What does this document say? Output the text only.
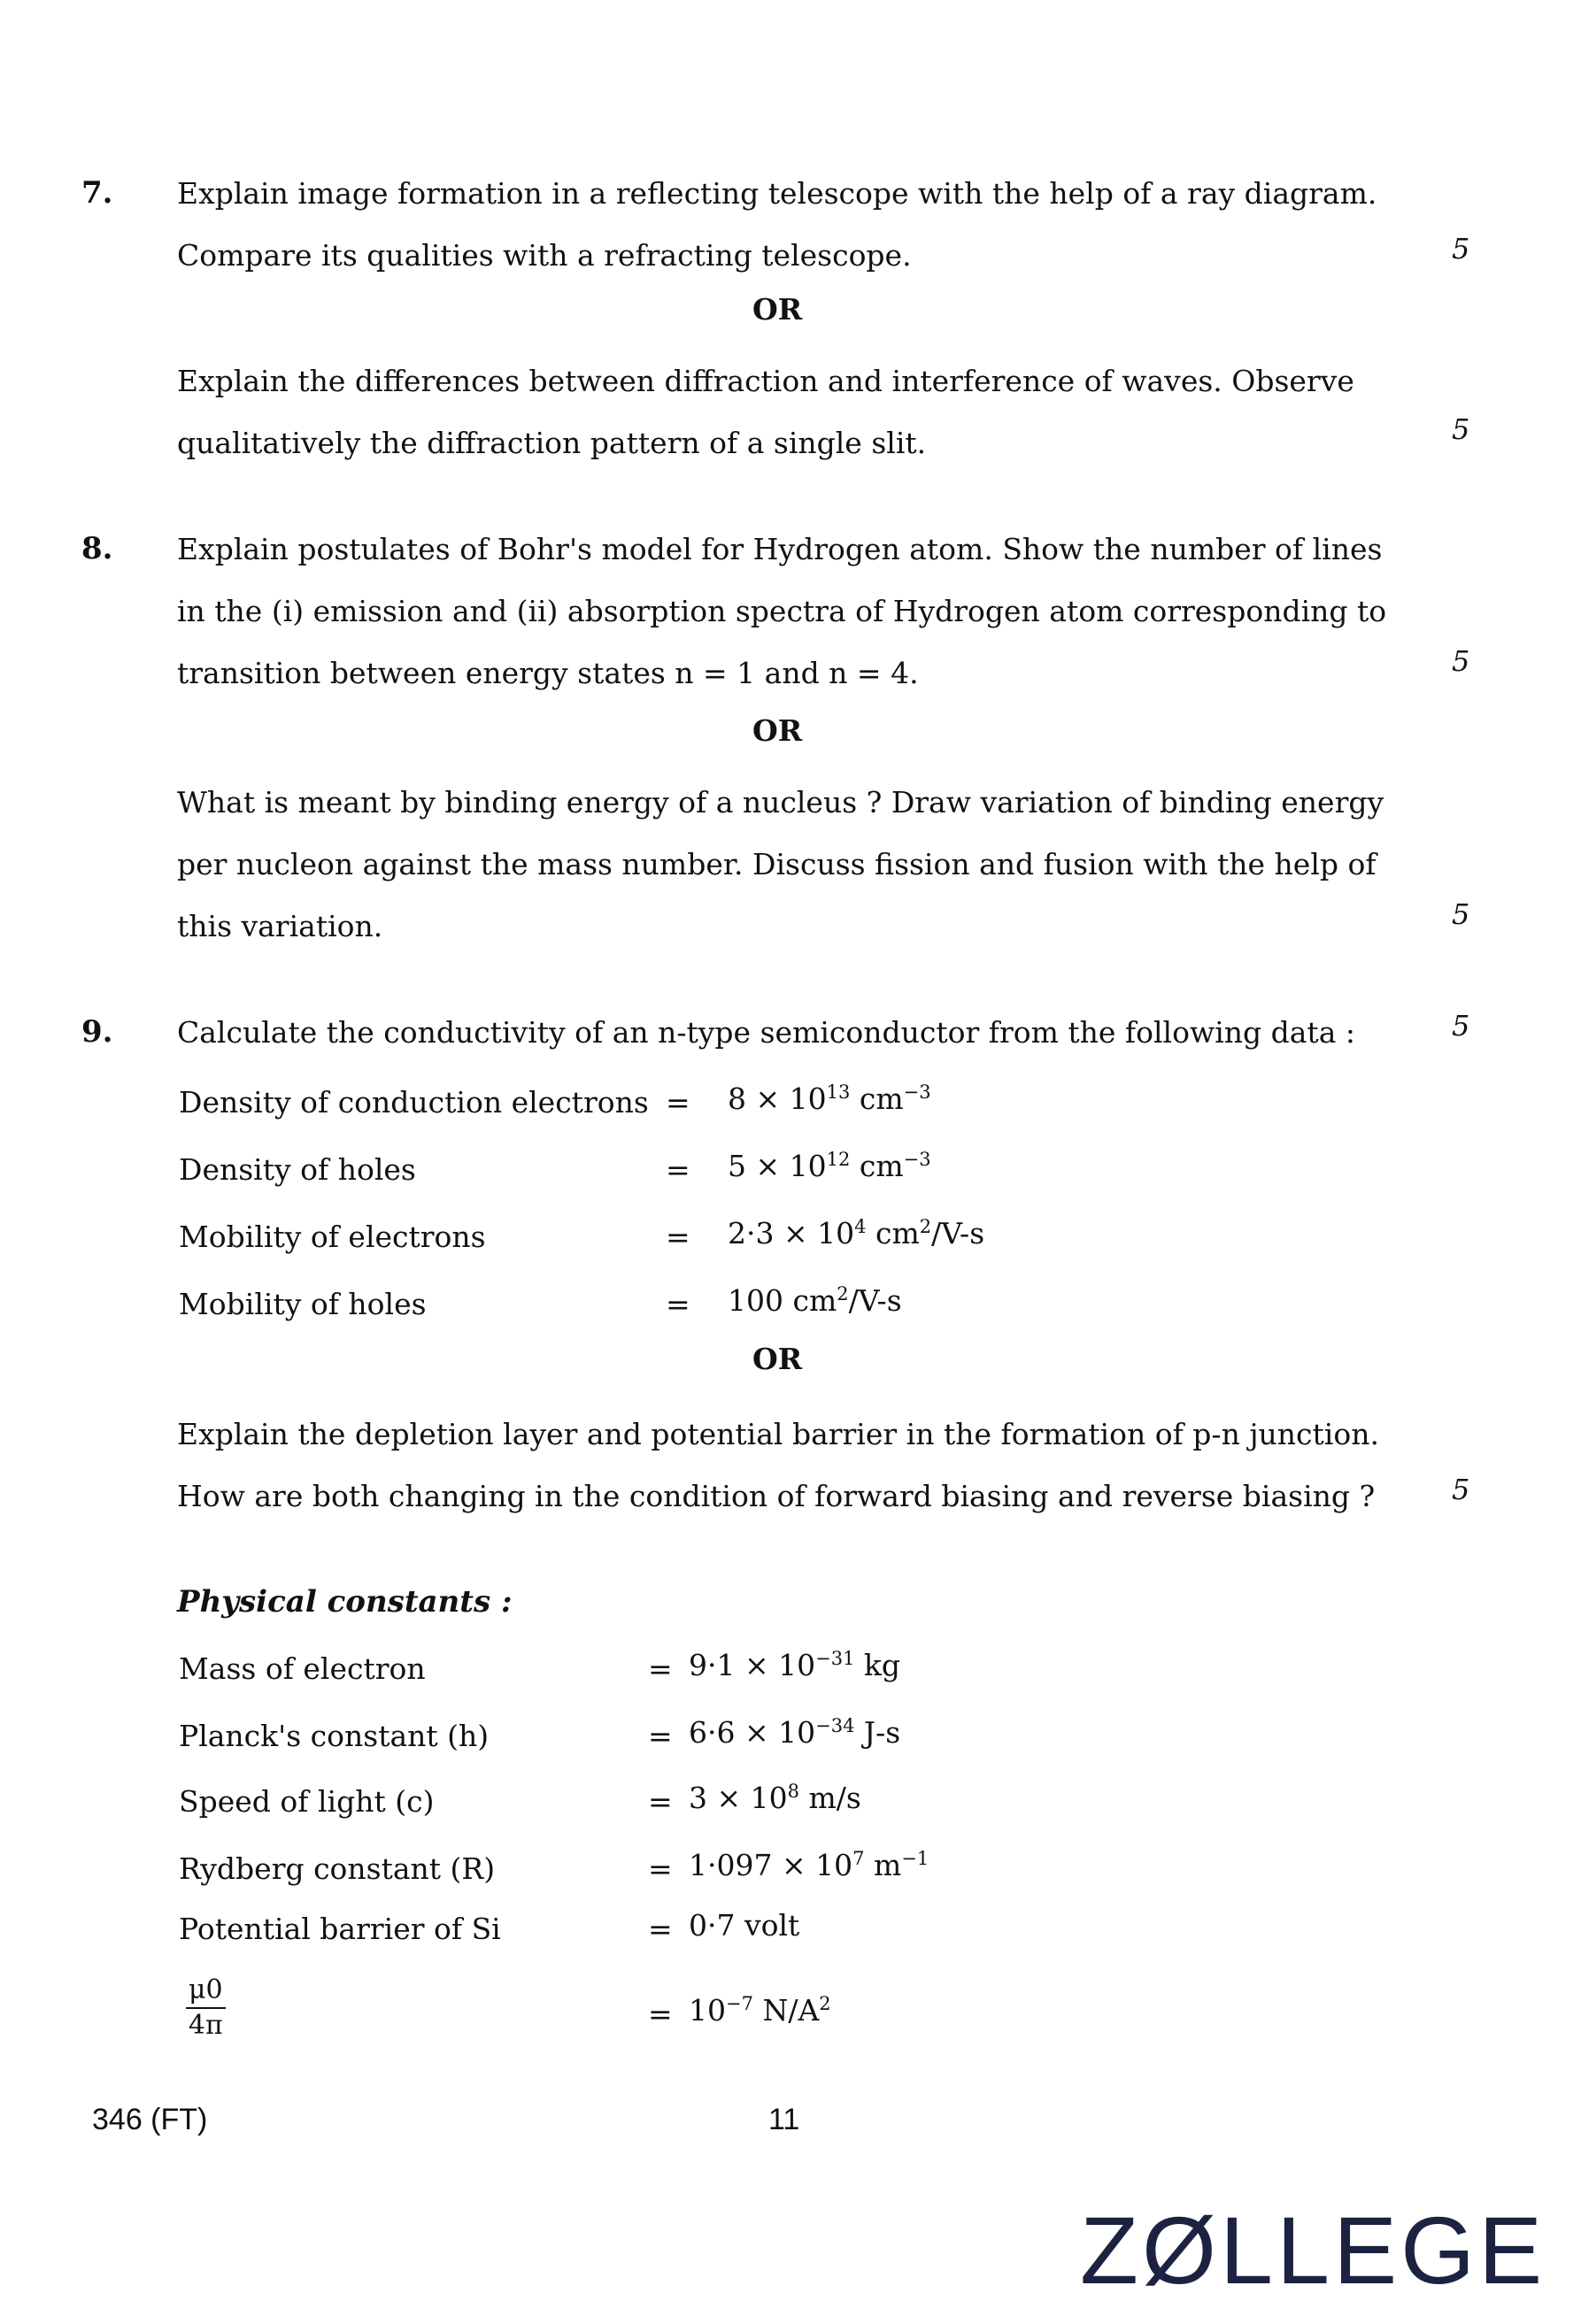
7. Explain image formation in a reflecting telescope with the help of a ray diagram.
Compare its qualities with a refracting telescope.	5
OR
Explain the differences between diffraction and interference of waves. Observe
qualitatively the diffraction pattern of a single slit.	5
8. Explain postulates of Bohr's model for Hydrogen atom. Show the number of lines
in the (i) emission and (ii) absorption spectra of Hydrogen atom corresponding to
transition between energy states n = 1 and n = 4.	5
OR
What is meant by binding energy of a nucleus ? Draw variation of binding energy
per nucleon against the mass number. Discuss fission and fusion with the help of
this variation.	5
9. Calculate the conductivity of an n-type semiconductor from the following data :	5
Density of conduction electrons = $8 \times 10^{13}$ $cm^{-3}$
Density of holes	= $5 \times 10^{12}$ $cm^{-3}$
Mobility of electrons	= $2\cdot 3 \times 10^4$ $cm^2/V-s$
Mobility of holes	= 100 $cm^2/V-s$
OR
Explain the depletion layer and potential barrier in the formation of p-n junction.
How are both changing in the condition of forward biasing and reverse biasing ?	5
Physical constants :
Mass of electron	= $9\cdot 1 \times 10^{-31}$ kg
Planck's constant (h)	= $6\cdot 6 \times 10^{-34}$ J-s
Speed of light (c)	= $3 \times 10^8$ m/s
Rydberg constant (R)	= $1\cdot 097 \times 10^7$ $m^{-1}$
Potential barrier of Si	= 0·7 volt
$\frac{\mu 0}{4\pi}$	= $10^{-7}$ $N/A^2$
346 (FT)	11
ZØLLEGE
